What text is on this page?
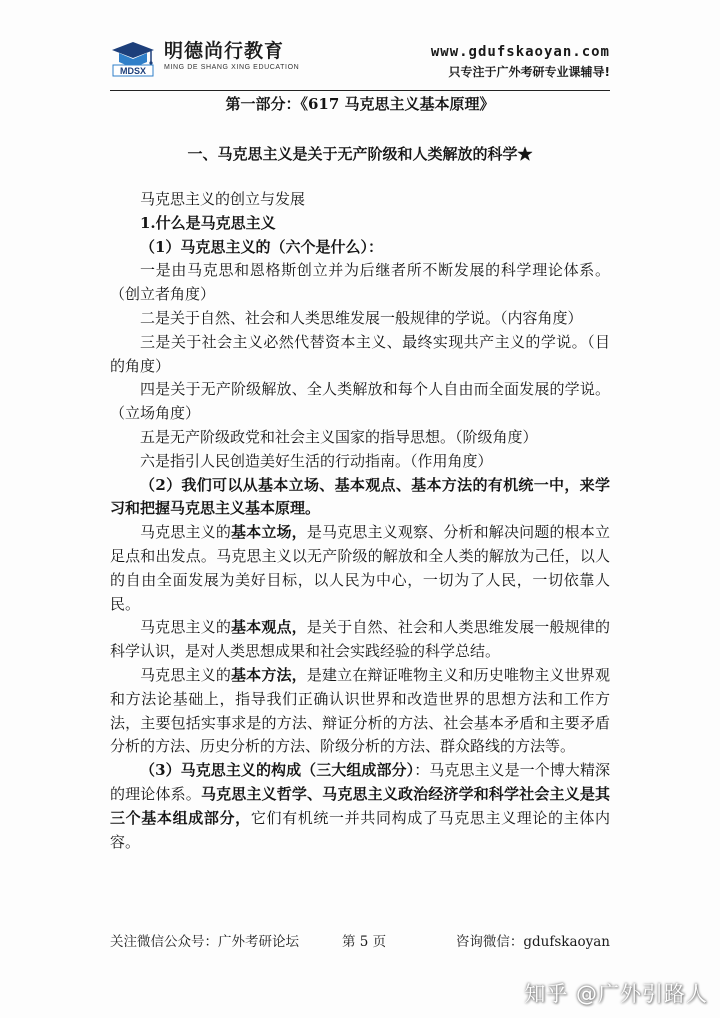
MDSX
明德尚行教育
MING DE SHANG XING EDUCATION
www.gdufskaoyan.com
只专注于广外考研专业课辅导!
第一部分：《617 马克思主义基本原理》
一、马克思主义是关于无产阶级和人类解放的科学★

马克思主义的创立与发展

1.什么是马克思主义

（1）马克思主义的（六个是什么）：

一是由马克思和恩格斯创立并为后继者所不断发展的科学理论体系。（创立者角度）

二是关于自然、社会和人类思维发展一般规律的学说。（内容角度）

三是关于社会主义必然代替资本主义、最终实现共产主义的学说。（目的角度）

四是关于无产阶级解放、全人类解放和每个人自由而全面发展的学说。（立场角度）

五是无产阶级政党和社会主义国家的指导思想。（阶级角度）

六是指引人民创造美好生活的行动指南。（作用角度）

（2）我们可以从基本立场、基本观点、基本方法的有机统一中，来学习和把握马克思主义基本原理。

马克思主义的基本立场，是马克思主义观察、分析和解决问题的根本立足点和出发点。马克思主义以无产阶级的解放和全人类的解放为己任，以人的自由全面发展为美好目标，以人民为中心，一切为了人民，一切依靠人民。

马克思主义的基本观点，是关于自然、社会和人类思维发展一般规律的科学认识，是对人类思想成果和社会实践经验的科学总结。

马克思主义的基本方法，是建立在辩证唯物主义和历史唯物主义世界观和方法论基础上，指导我们正确认识世界和改造世界的思想方法和工作方法，主要包括实事求是的方法、辩证分析的方法、社会基本矛盾和主要矛盾分析的方法、历史分析的方法、阶级分析的方法、群众路线的方法等。

（3）马克思主义的构成（三大组成部分）：马克思主义是一个博大精深的理论体系。马克思主义哲学、马克思主义政治经济学和科学社会主义是其三个基本组成部分，它们有机统一并共同构成了马克思主义理论的主体内容。

关注微信公众号：广外考研论坛	第 5 页	咨询微信：gdufskaoyan
知乎 @广外引路人
